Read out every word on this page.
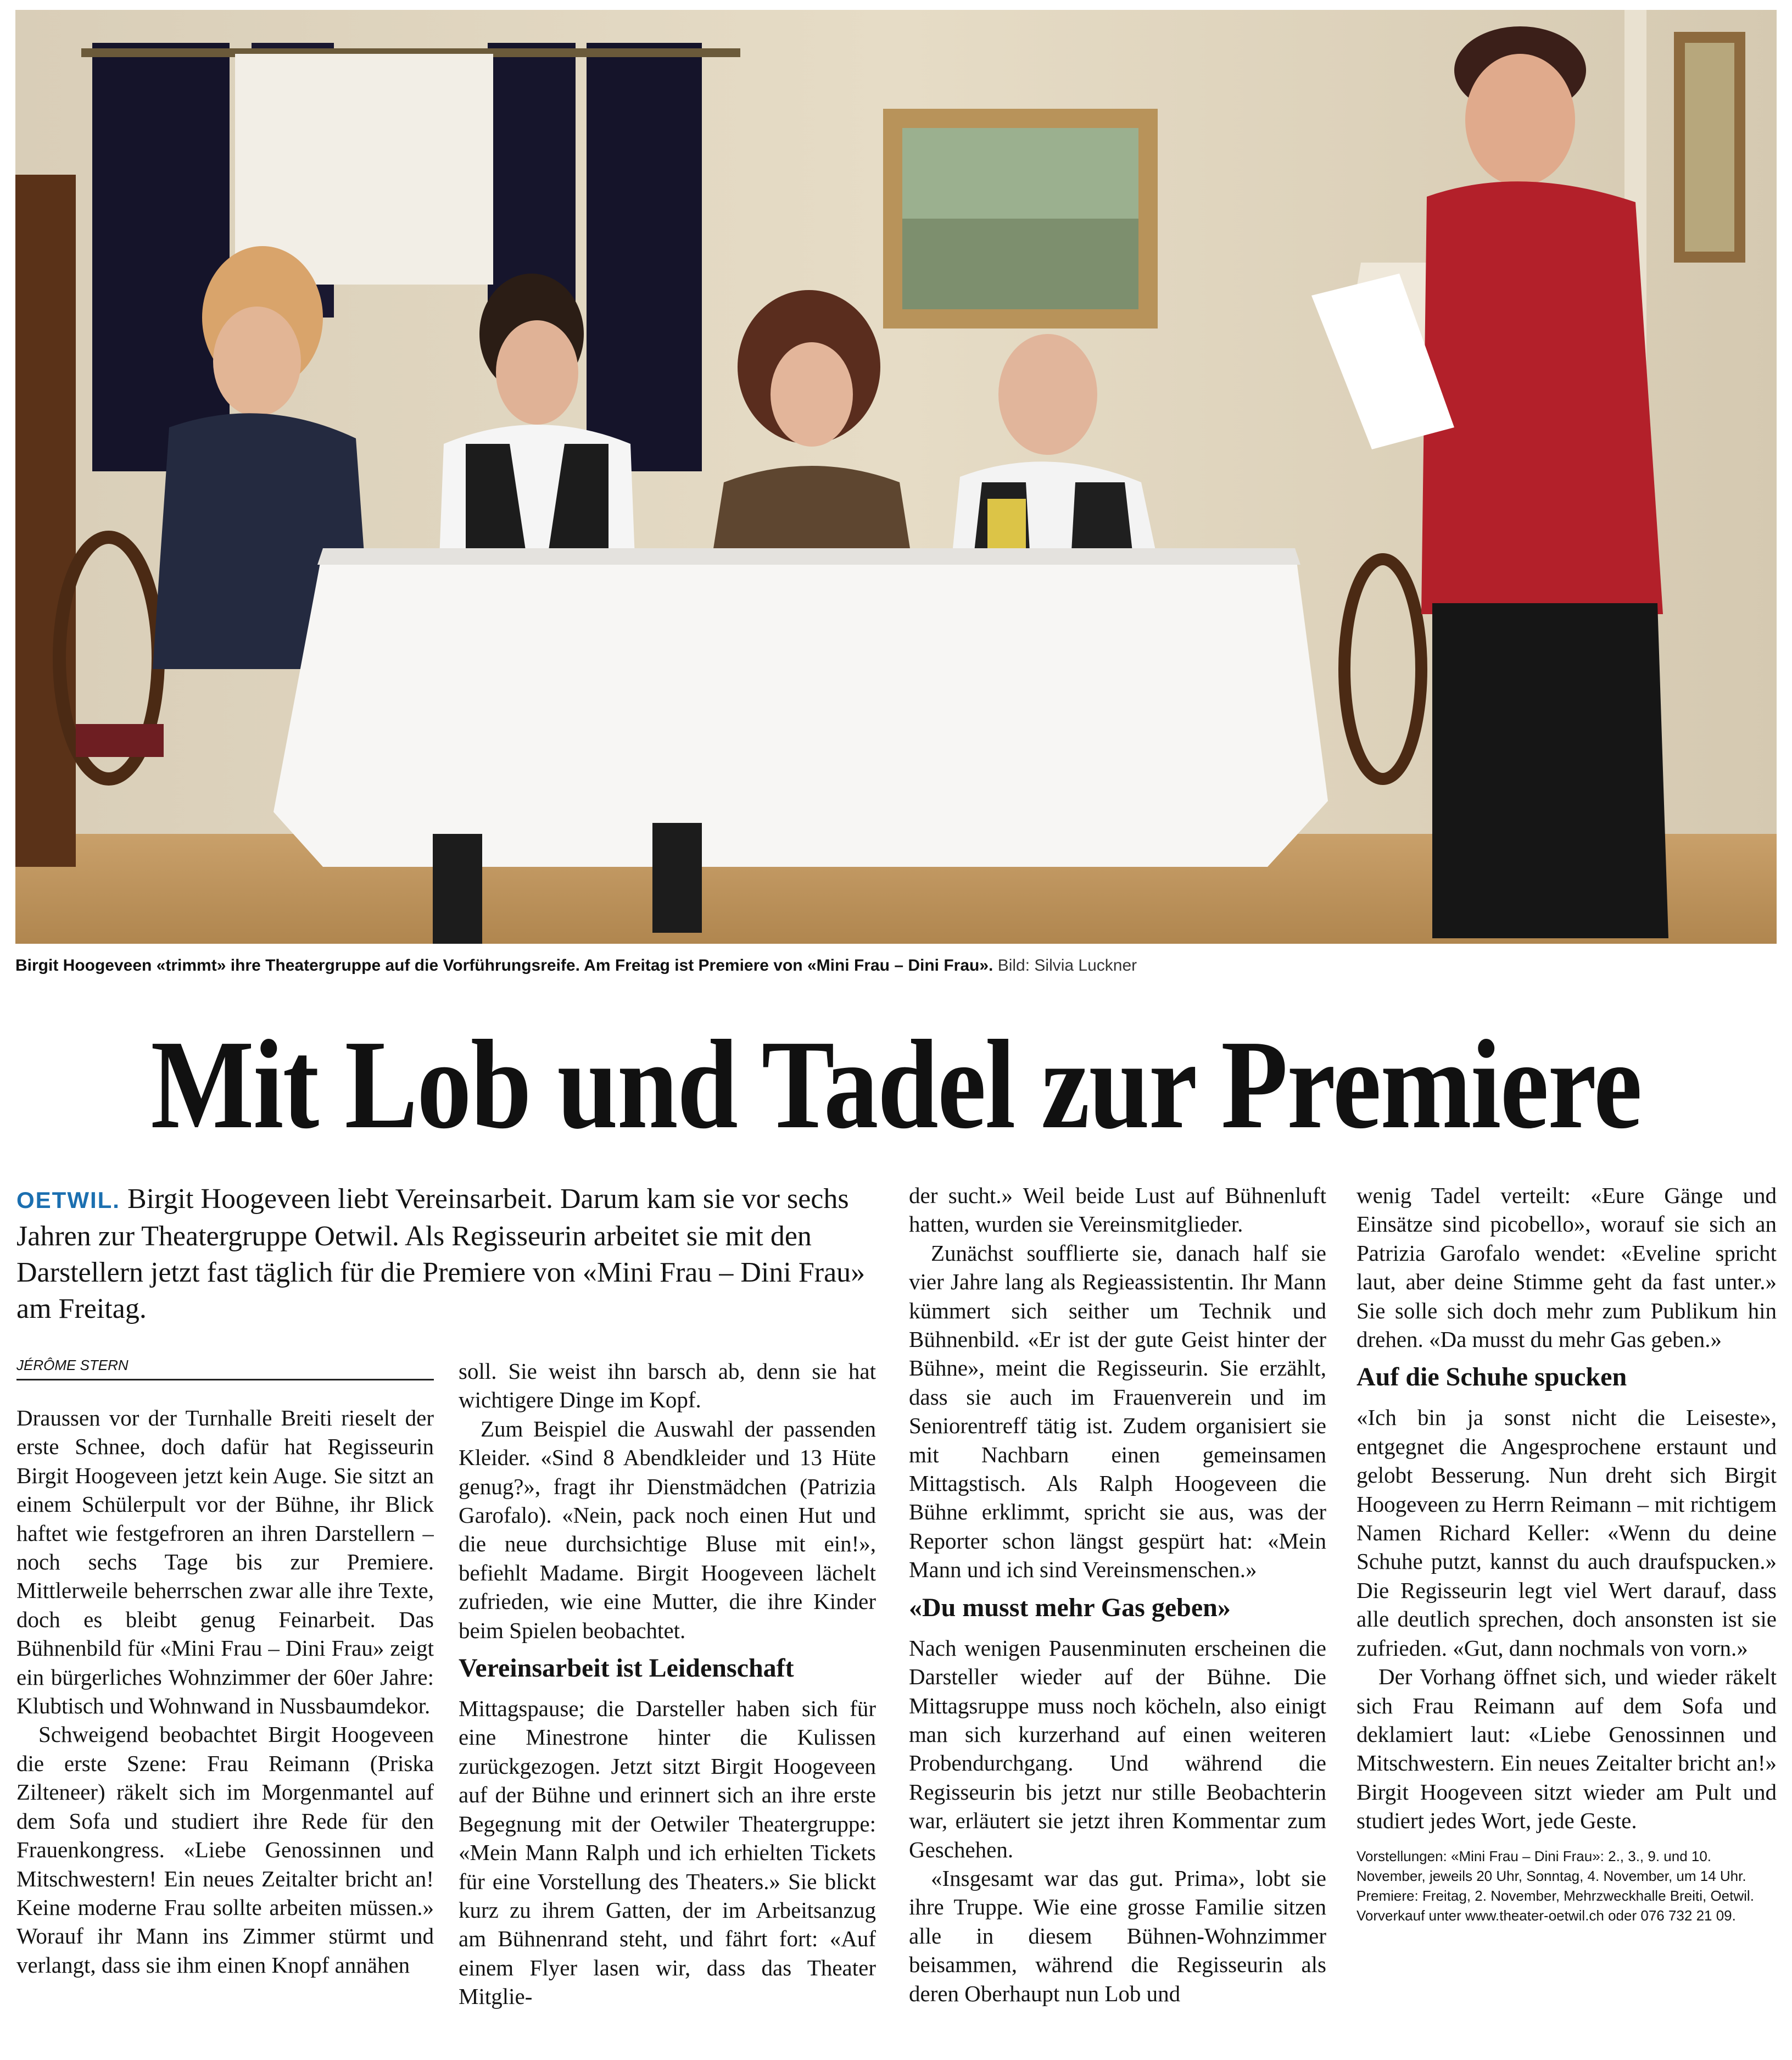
Birgit Hoogeveen «trimmt» ihre Theatergruppe auf die Vorführungsreife. Am Freitag ist Premiere von «Mini Frau – Dini Frau». Bild: Silvia Luckner
Mit Lob und Tadel zur Premiere
OETWIL. Birgit Hoogeveen liebt Vereinsarbeit. Darum kam sie vor sechs Jahren zur Theatergruppe Oetwil. Als Regisseurin arbeitet sie mit den Darstellern jetzt fast täglich für die Premiere von «Mini Frau – Dini Frau» am Freitag.
JÉRÔME STERN

Draussen vor der Turnhalle Breiti rieselt der erste Schnee, doch dafür hat Regisseurin Birgit Hoogeveen jetzt kein Auge. Sie sitzt an einem Schülerpult vor der Bühne, ihr Blick haftet wie festgefroren an ihren Darstellern – noch sechs Tage bis zur Premiere. Mittlerweile beherrschen zwar alle ihre Texte, doch es bleibt genug Feinarbeit. Das Bühnenbild für «Mini Frau – Dini Frau» zeigt ein bürgerliches Wohnzimmer der 60er Jahre: Klubtisch und Wohnwand in Nussbaumdekor.

Schweigend beobachtet Birgit Hoogeveen die erste Szene: Frau Reimann (Priska Zilteneer) räkelt sich im Morgenmantel auf dem Sofa und studiert ihre Rede für den Frauenkongress. «Liebe Genossinnen und Mitschwestern! Ein neues Zeitalter bricht an! Keine moderne Frau sollte arbeiten müssen.» Worauf ihr Mann ins Zimmer stürmt und verlangt, dass sie ihm einen Knopf annähen

soll. Sie weist ihn barsch ab, denn sie hat wichtigere Dinge im Kopf.

Zum Beispiel die Auswahl der passenden Kleider. «Sind 8 Abendkleider und 13 Hüte genug?», fragt ihr Dienstmädchen (Patrizia Garofalo). «Nein, pack noch einen Hut und die neue durchsichtige Bluse mit ein!», befiehlt Madame. Birgit Hoogeveen lächelt zufrieden, wie eine Mutter, die ihre Kinder beim Spielen beobachtet.

Vereinsarbeit ist Leidenschaft

Mittagspause; die Darsteller haben sich für eine Minestrone hinter die Kulissen zurückgezogen. Jetzt sitzt Birgit Hoogeveen auf der Bühne und erinnert sich an ihre erste Begegnung mit der Oetwiler Theatergruppe: «Mein Mann Ralph und ich erhielten Tickets für eine Vorstellung des Theaters.» Sie blickt kurz zu ihrem Gatten, der im Arbeitsanzug am Bühnenrand steht, und fährt fort: «Auf einem Flyer lasen wir, dass das Theater Mitglie-

der sucht.» Weil beide Lust auf Bühnenluft hatten, wurden sie Vereinsmitglieder.

Zunächst soufflierte sie, danach half sie vier Jahre lang als Regieassistentin. Ihr Mann kümmert sich seither um Technik und Bühnenbild. «Er ist der gute Geist hinter der Bühne», meint die Regisseurin. Sie erzählt, dass sie auch im Frauenverein und im Seniorentreff tätig ist. Zudem organisiert sie mit Nachbarn einen gemeinsamen Mittagstisch. Als Ralph Hoogeveen die Bühne erklimmt, spricht sie aus, was der Reporter schon längst gespürt hat: «Mein Mann und ich sind Vereinsmenschen.»

«Du musst mehr Gas geben»

Nach wenigen Pausenminuten erscheinen die Darsteller wieder auf der Bühne. Die Mittagsruppe muss noch köcheln, also einigt man sich kurzerhand auf einen weiteren Probendurchgang. Und während die Regisseurin bis jetzt nur stille Beobachterin war, erläutert sie jetzt ihren Kommentar zum Geschehen.

«Insgesamt war das gut. Prima», lobt sie ihre Truppe. Wie eine grosse Familie sitzen alle in diesem Bühnen-Wohnzimmer beisammen, während die Regisseurin als deren Oberhaupt nun Lob und

wenig Tadel verteilt: «Eure Gänge und Einsätze sind picobello», worauf sie sich an Patrizia Garofalo wendet: «Eveline spricht laut, aber deine Stimme geht da fast unter.» Sie solle sich doch mehr zum Publikum hin drehen. «Da musst du mehr Gas geben.»

Auf die Schuhe spucken

«Ich bin ja sonst nicht die Leiseste», entgegnet die Angesprochene erstaunt und gelobt Besserung. Nun dreht sich Birgit Hoogeveen zu Herrn Reimann – mit richtigem Namen Richard Keller: «Wenn du deine Schuhe putzt, kannst du auch draufspucken.» Die Regisseurin legt viel Wert darauf, dass alle deutlich sprechen, doch ansonsten ist sie zufrieden. «Gut, dann nochmals von vorn.»

Der Vorhang öffnet sich, und wieder räkelt sich Frau Reimann auf dem Sofa und deklamiert laut: «Liebe Genossinnen und Mitschwestern. Ein neues Zeitalter bricht an!» Birgit Hoogeveen sitzt wieder am Pult und studiert jedes Wort, jede Geste.

Vorstellungen: «Mini Frau – Dini Frau»: 2., 3., 9. und 10. November, jeweils 20 Uhr, Sonntag, 4. November, um 14 Uhr. Premiere: Freitag, 2. November, Mehrzweckhalle Breiti, Oetwil. Vorverkauf unter www.theater-oetwil.ch oder 076 732 21 09.
